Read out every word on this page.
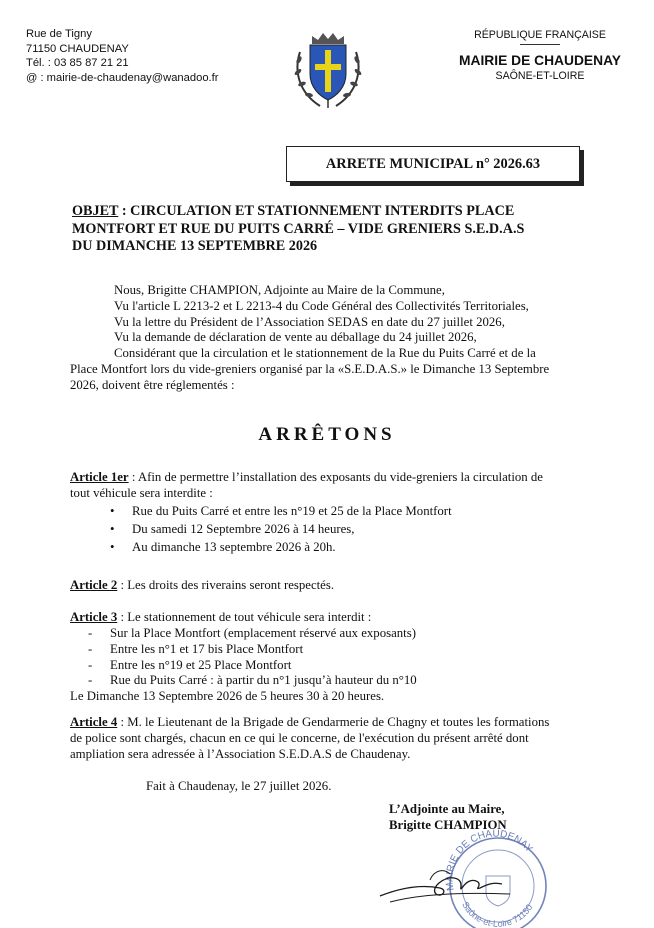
Rue de Tigny
71150 CHAUDENAY
Tél. : 03 85 87 21 21
@ : mairie-de-chaudenay@wanadoo.fr
RÉPUBLIQUE FRANÇAISE
MAIRIE DE CHAUDENAY
SAÔNE-ET-LOIRE
ARRETE MUNICIPAL n° 2026.63
OBJET : CIRCULATION ET STATIONNEMENT INTERDITS PLACE
MONTFORT ET RUE DU PUITS CARRÉ – VIDE GRENIERS S.E.D.A.S
DU DIMANCHE 13 SEPTEMBRE 2026
Nous, Brigitte CHAMPION, Adjointe au Maire de la Commune,
Vu l'article L 2213-2 et L 2213-4 du Code Général des Collectivités Territoriales,
Vu la lettre du Président de l’Association SEDAS en date du 27 juillet 2026,
Vu la demande de déclaration de vente au déballage du 24 juillet 2026,
Considérant que la circulation et le stationnement de la Rue du Puits Carré et de la
Place Montfort lors du vide-greniers organisé par la «S.E.D.A.S.» le Dimanche 13 Septembre
2026, doivent être réglementés :
ARRÊTONS
Article 1er : Afin de permettre l’installation des exposants du vide-greniers la circulation de
tout véhicule sera interdite :
•	Rue du Puits Carré et entre les n°19 et 25 de la Place Montfort
•	Du samedi 12 Septembre 2026 à 14 heures,
•	Au dimanche 13 septembre 2026 à 20h.
Article 2 : Les droits des riverains seront respectés.
Article 3 : Le stationnement de tout véhicule sera interdit :
-	Sur la Place Montfort (emplacement réservé aux exposants)
-	Entre les n°1 et 17 bis Place Montfort
-	Entre les n°19 et 25 Place Montfort
-	Rue du Puits Carré : à partir du n°1 jusqu’à hauteur du n°10
Le Dimanche 13 Septembre 2026 de 5 heures 30 à 20 heures.
Article 4 : M. le Lieutenant de la Brigade de Gendarmerie de Chagny et toutes les formations
de police sont chargés, chacun en ce qui le concerne, de l'exécution du présent arrêté dont
ampliation sera adressée à l’Association S.E.D.A.S de Chaudenay.
Fait à Chaudenay, le 27 juillet 2026.
L’Adjointe au Maire,
Brigitte CHAMPION
MAIRIE DE CHAUDENAY
Saône-et-Loire 71150
